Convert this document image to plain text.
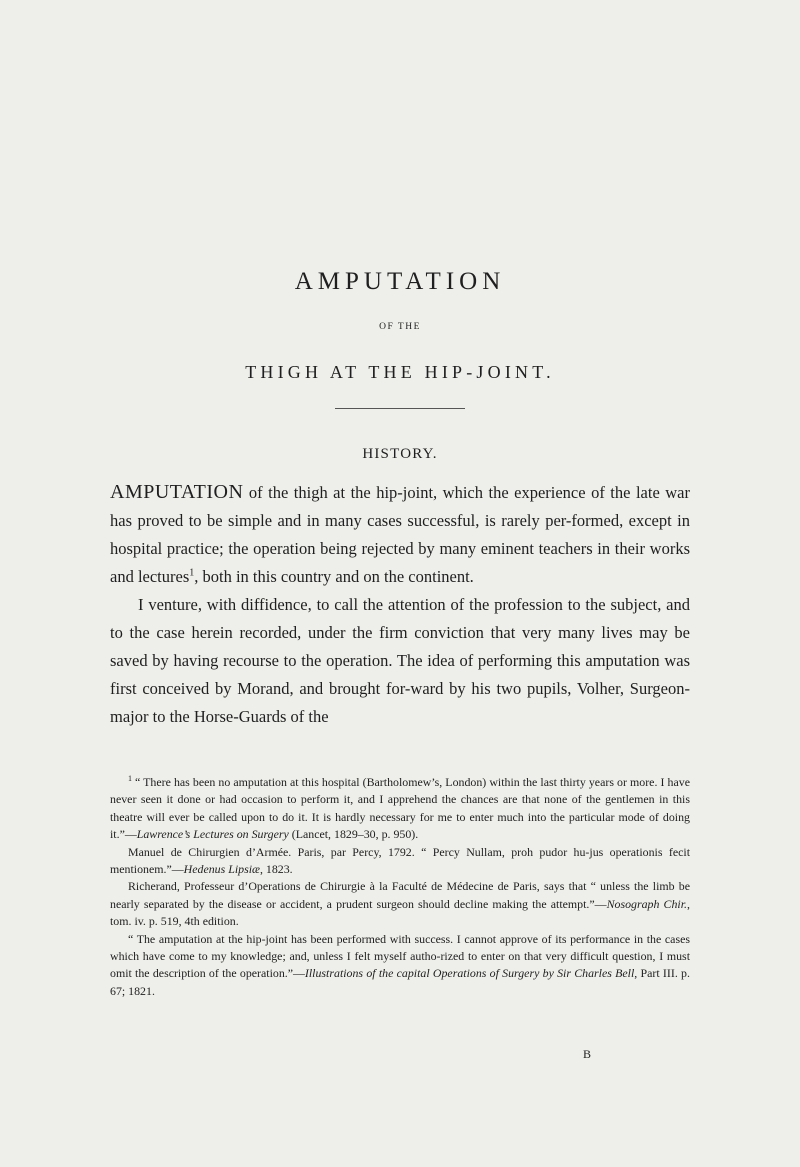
AMPUTATION
OF THE
THIGH AT THE HIP-JOINT.
HISTORY.

AMPUTATION of the thigh at the hip-joint, which the experience of the late war has proved to be simple and in many cases successful, is rarely per-formed, except in hospital practice; the operation being rejected by many eminent teachers in their works and lectures$^1$, both in this country and on the continent.

I venture, with diffidence, to call the attention of the profession to the subject, and to the case herein recorded, under the firm conviction that very many lives may be saved by having recourse to the operation. The idea of performing this amputation was first conceived by Morand, and brought for-ward by his two pupils, Volher, Surgeon-major to the Horse-Guards of the

$^1$ “ There has been no amputation at this hospital (Bartholomew’s, London) within the last thirty years or more. I have never seen it done or had occasion to perform it, and I apprehend the chances are that none of the gentlemen in this theatre will ever be called upon to do it. It is hardly necessary for me to enter much into the particular mode of doing it.”—Lawrence’s Lectures on Surgery (Lancet, 1829–30, p. 950).

Manuel de Chirurgien d’Armée. Paris, par Percy, 1792. “ Percy Nullam, proh pudor hu-jus operationis fecit mentionem.”—Hedenus Lipsiæ, 1823.

Richerand, Professeur d’Operations de Chirurgie à la Faculté de Médecine de Paris, says that “ unless the limb be nearly separated by the disease or accident, a prudent surgeon should decline making the attempt.”—Nosograph Chir., tom. iv. p. 519, 4th edition.

“ The amputation at the hip-joint has been performed with success. I cannot approve of its performance in the cases which have come to my knowledge; and, unless I felt myself autho-rized to enter on that very difficult question, I must omit the description of the operation.”—Illustrations of the capital Operations of Surgery by Sir Charles Bell, Part III. p. 67; 1821.

B
